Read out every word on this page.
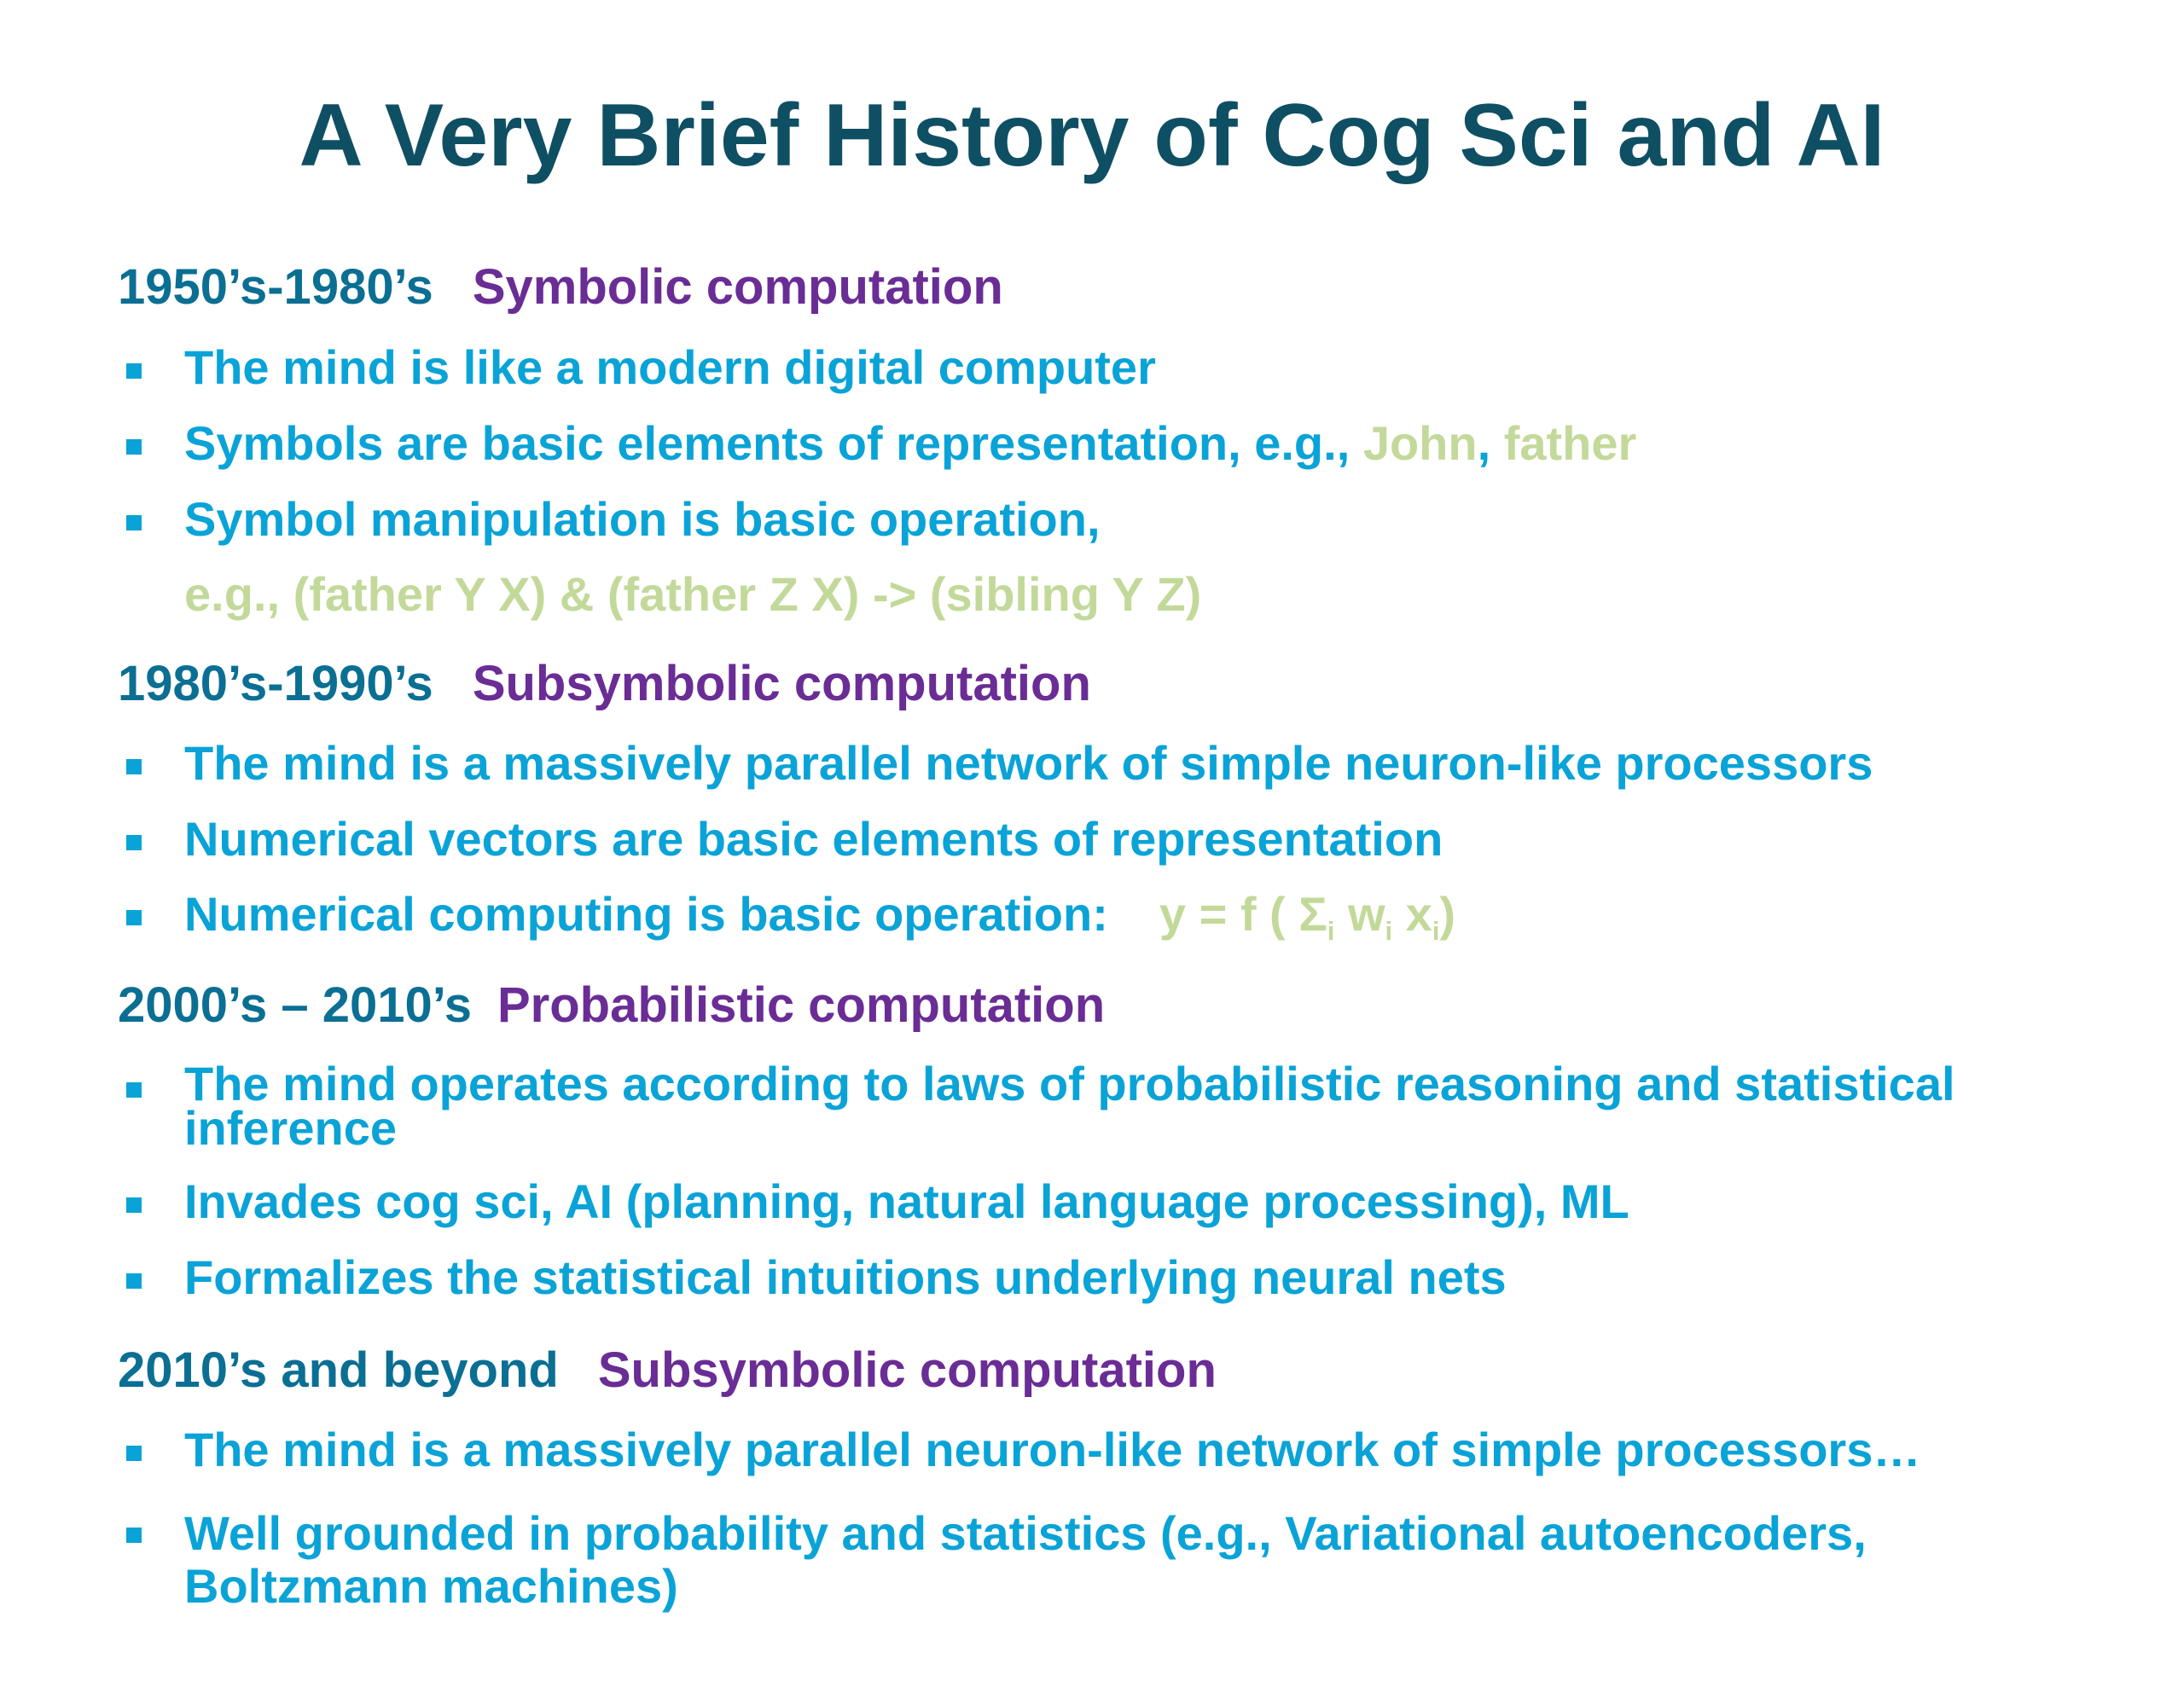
A Very Brief History of Cog Sci and AI
1950’s-1980’s Symbolic computation
The mind is like a modern digital computer
Symbols are basic elements of representation, e.g., John, father
Symbol manipulation is basic operation,
e.g., (father Y X) & (father Z X) -> (sibling Y Z)
1980’s-1990’s Subsymbolic computation
The mind is a massively parallel network of simple neuron-like processors
Numerical vectors are basic elements of representation
Numerical computing is basic operation: y = f ( $\Sigma_i$ $w_i$ $x_i$)
2000’s – 2010’s Probabilistic computation
The mind operates according to laws of probabilistic reasoning and statistical inference
Invades cog sci, AI (planning, natural language processing), ML
Formalizes the statistical intuitions underlying neural nets
2010’s and beyond Subsymbolic computation
The mind is a massively parallel neuron-like network of simple processors…
Well grounded in probability and statistics (e.g., Variational autoencoders, Boltzmann machines)
